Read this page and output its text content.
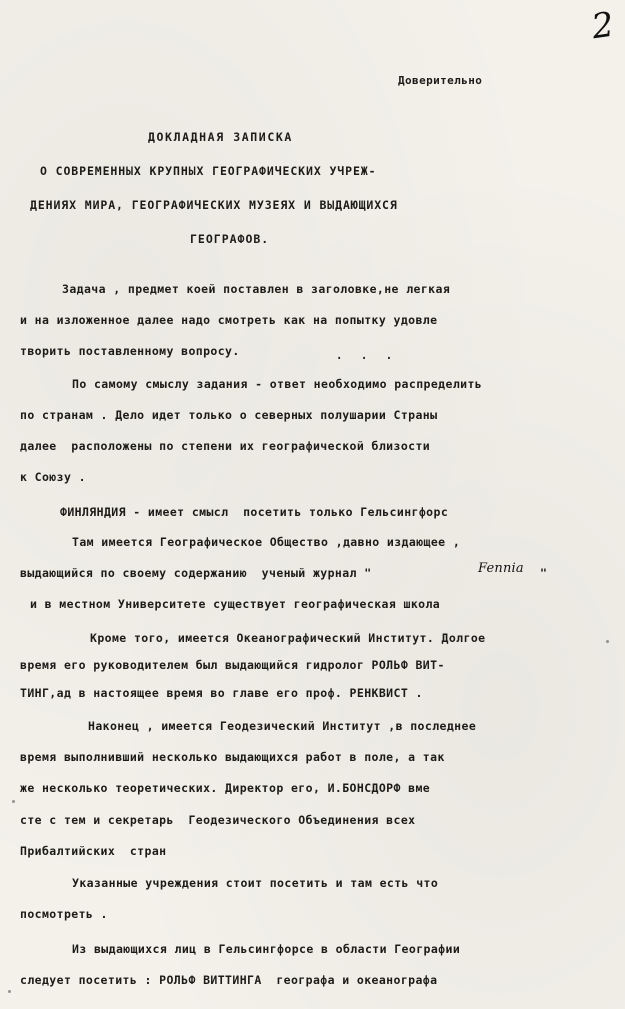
2
Доверительно
ДОКЛАДНАЯ ЗАПИСКА
О СОВРЕМЕННЫХ КРУПНЫХ ГЕОГРАФИЧЕСКИХ УЧРЕЖ-
ДЕНИЯХ МИРА, ГЕОГРАФИЧЕСКИХ МУЗЕЯХ И ВЫДАЮЩИХСЯ
ГЕОГРАФОВ.
Задача , предмет коей поставлен в заголовке,не легкая
и на изложенное далее надо смотреть как на попытку удовле
творить поставленному вопросу.	· · ·
По самому смыслу задания - ответ необходимо распределить
по странам . Дело идет только о северных полушарии Страны
далее  расположены по степени их географической близости
к Союзу .
ФИНЛЯНДИЯ - имеет смысл  посетить только Гельсингфорс
Там имеется Географическое Общество ,давно издающее ,
выдающийся по своему содержанию  ученый журнал "	Fennia "
и в местном Университете существует географическая школа
Кроме того, имеется Океанографический Институт. Долгое
время его руководителем был выдающийся гидролог РОЛЬФ ВИТ-
ТИНГ,ад в настоящее время во главе его проф. РЕНКВИСТ .
Наконец , имеется Геодезический Институт ,в последнее
время выполнивший несколько выдающихся работ в поле, а так
же несколько теоретических. Директор его, И.БОНСДОРФ вме
сте с тем и секретарь  Геодезического Объединения всех
Прибалтийских  стран
Указанные учреждения стоит посетить и там есть что
посмотреть .
Из выдающихся лиц в Гельсингфорсе в области Географии
следует посетить : РОЛЬФ ВИТТИНГА  географа и океанографа
